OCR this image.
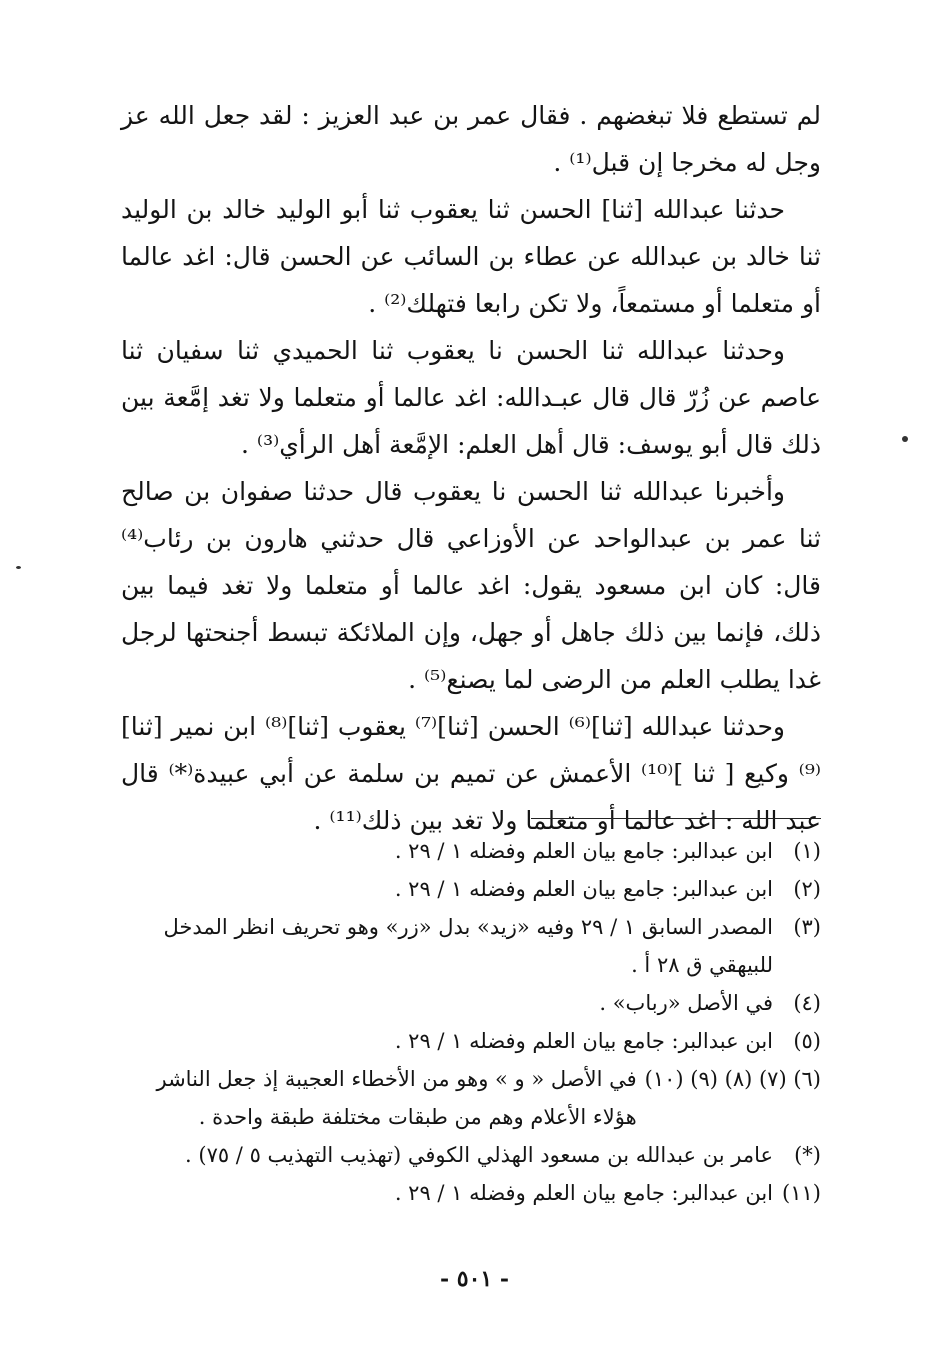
لم تستطع فلا تبغضهم . فقال عمر بن عبد العزيز : لقد جعل الله عز وجل له مخرجا إن قبل⁽¹⁾ .

حدثنا عبدالله [ثنا] الحسن ثنا يعقوب ثنا أبو الوليد خالد بن الوليد ثنا خالد بن عبدالله عن عطاء بن السائب عن الحسن قال: اغد عالما أو متعلما أو مستمعاً، ولا تكن رابعا فتهلك⁽²⁾ .

وحدثنا عبدالله ثنا الحسن نا يعقوب ثنا الحميدي ثنا سفيان ثنا عاصم عن زُرّ قال قال عبـدالله: اغد عالما أو متعلما ولا تغد إمَّعة بين ذلك قال أبو يوسف: قال أهل العلم: الإمَّعة أهل الرأي⁽³⁾ .

وأخبرنا عبدالله ثنا الحسن نا يعقوب قال حدثنا صفوان بن صالح ثنا عمر بن عبدالواحد عن الأوزاعي قال حدثني هارون بن رئاب⁽⁴⁾ قال: كان ابن مسعود يقول: اغد عالما أو متعلما ولا تغد فيما بين ذلك، فإنما بين ذلك جاهل أو جهل، وإن الملائكة تبسط أجنحتها لرجل غدا يطلب العلم من الرضى لما يصنع⁽⁵⁾ .

وحدثنا عبدالله [ثنا]⁽⁶⁾ الحسن [ثنا]⁽⁷⁾ يعقوب [ثنا]⁽⁸⁾ ابن نمير [ثنا]⁽⁹⁾ وكيع [ ثنا ]⁽¹⁰⁾ الأعمش عن تميم بن سلمة عن أبي عبيدة⁽*⁾ قال عبد الله : اغد عالما أو متعلما ولا تغد بين ذلك⁽¹¹⁾ .

(١)
ابن عبدالبر: جامع بيان العلم وفضله ١ / ٢٩ .
(٢)
ابن عبدالبر: جامع بيان العلم وفضله ١ / ٢٩ .
(٣)
المصدر السابق ١ / ٢٩ وفيه «زيد» بدل «زر» وهو تحريف انظر المدخل للبيهقي ق ٢٨ أ .
(٤)
في الأصل «رباب» .
(٥)
ابن عبدالبر: جامع بيان العلم وفضله ١ / ٢٩ .
(٦) (٧) (٨) (٩) (١٠)
في الأصل « و » وهو من الأخطاء العجيبة إذ جعل الناشر هؤلاء الأعلام وهم من طبقات مختلفة طبقة واحدة .
(*)
عامر بن عبدالله بن مسعود الهذلي الكوفي (تهذيب التهذيب ٥ / ٧٥) .
(١١)
ابن عبدالبر: جامع بيان العلم وفضله ١ / ٢٩ .
- ٥٠١ -
